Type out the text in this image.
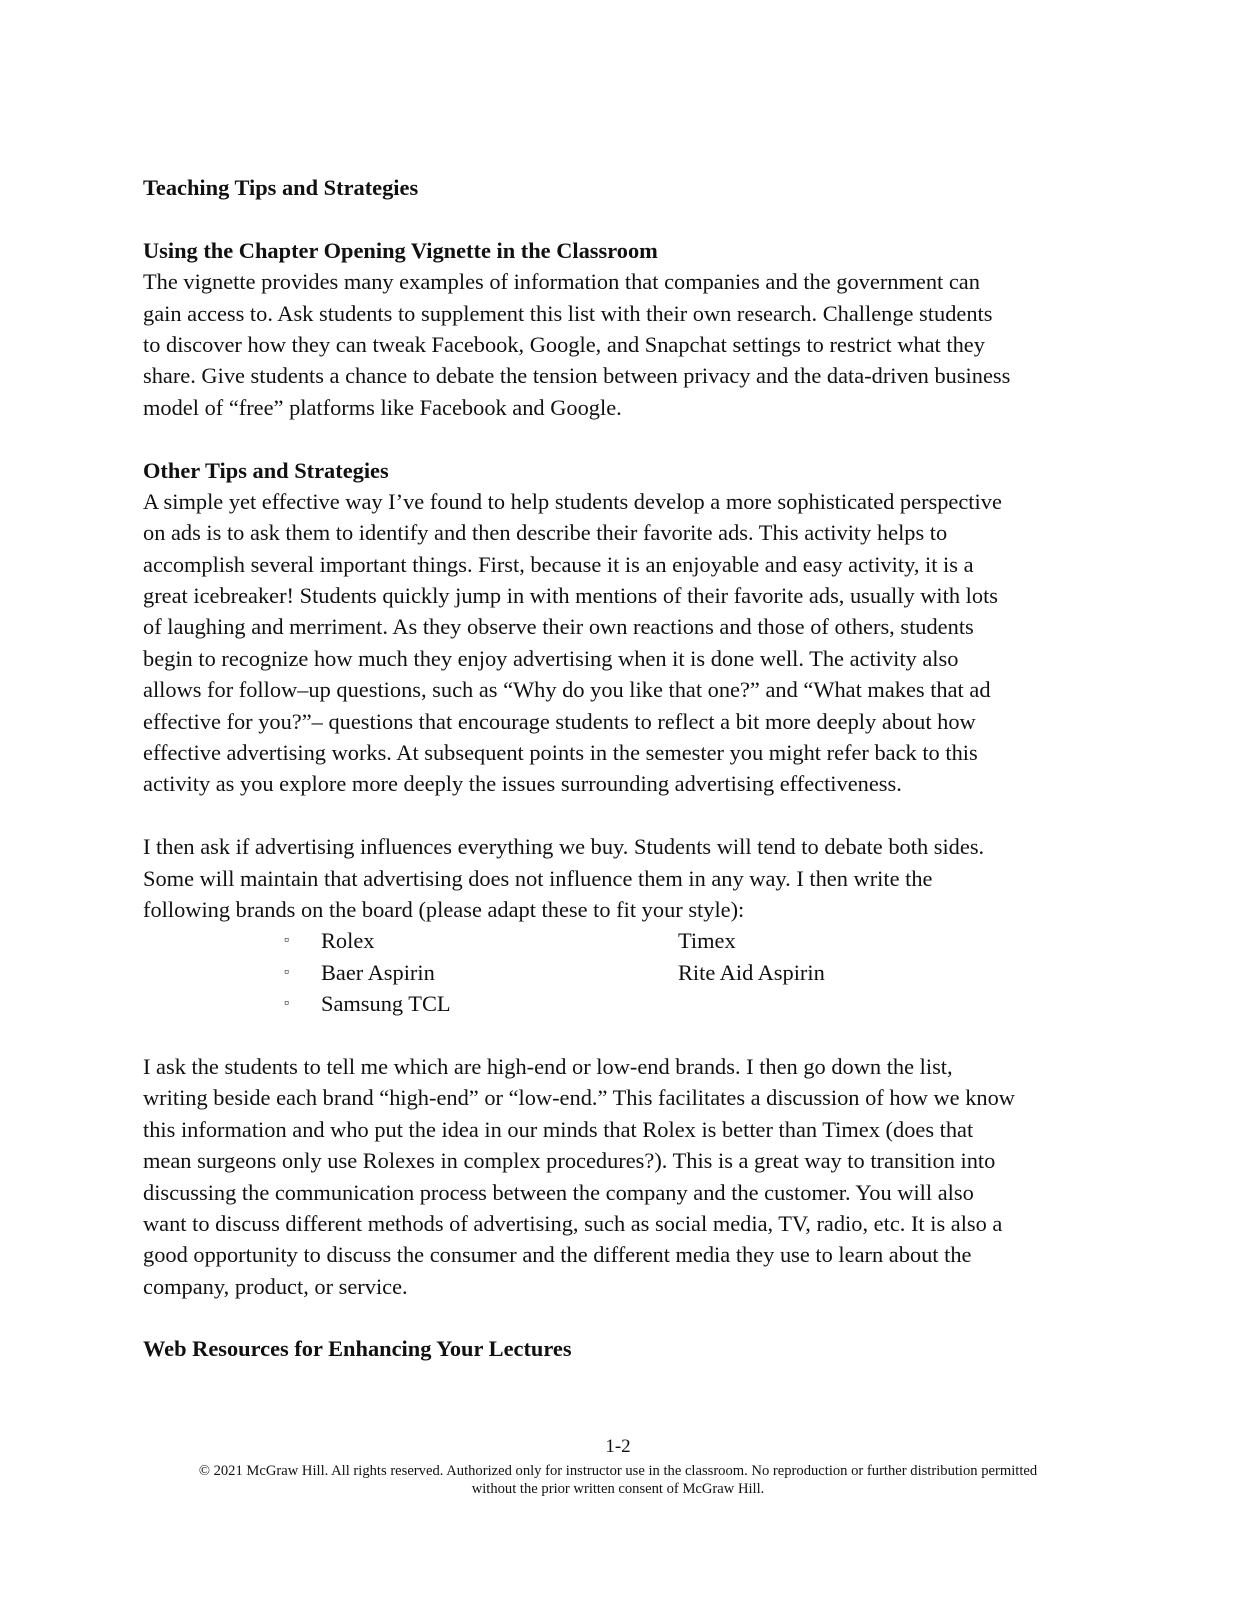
Teaching Tips and Strategies
Using the Chapter Opening Vignette in the Classroom
The vignette provides many examples of information that companies and the government can
gain access to. Ask students to supplement this list with their own research. Challenge students
to discover how they can tweak Facebook, Google, and Snapchat settings to restrict what they
share. Give students a chance to debate the tension between privacy and the data-driven business
model of “free” platforms like Facebook and Google.
Other Tips and Strategies
A simple yet effective way I’ve found to help students develop a more sophisticated perspective
on ads is to ask them to identify and then describe their favorite ads. This activity helps to
accomplish several important things. First, because it is an enjoyable and easy activity, it is a
great icebreaker! Students quickly jump in with mentions of their favorite ads, usually with lots
of laughing and merriment. As they observe their own reactions and those of others, students
begin to recognize how much they enjoy advertising when it is done well. The activity also
allows for follow–up questions, such as “Why do you like that one?” and “What makes that ad
effective for you?”– questions that encourage students to reflect a bit more deeply about how
effective advertising works. At subsequent points in the semester you might refer back to this
activity as you explore more deeply the issues surrounding advertising effectiveness.
I then ask if advertising influences everything we buy. Students will tend to debate both sides.
Some will maintain that advertising does not influence them in any way. I then write the
following brands on the board (please adapt these to fit your style):
▫ Rolex	Timex
▫ Baer Aspirin	Rite Aid Aspirin
▫ Samsung TCL
I ask the students to tell me which are high-end or low-end brands. I then go down the list,
writing beside each brand “high-end” or “low-end.” This facilitates a discussion of how we know
this information and who put the idea in our minds that Rolex is better than Timex (does that
mean surgeons only use Rolexes in complex procedures?). This is a great way to transition into
discussing the communication process between the company and the customer. You will also
want to discuss different methods of advertising, such as social media, TV, radio, etc. It is also a
good opportunity to discuss the consumer and the different media they use to learn about the
company, product, or service.
Web Resources for Enhancing Your Lectures
1-2
© 2021 McGraw Hill. All rights reserved. Authorized only for instructor use in the classroom. No reproduction or further distribution permitted
without the prior written consent of McGraw Hill.
